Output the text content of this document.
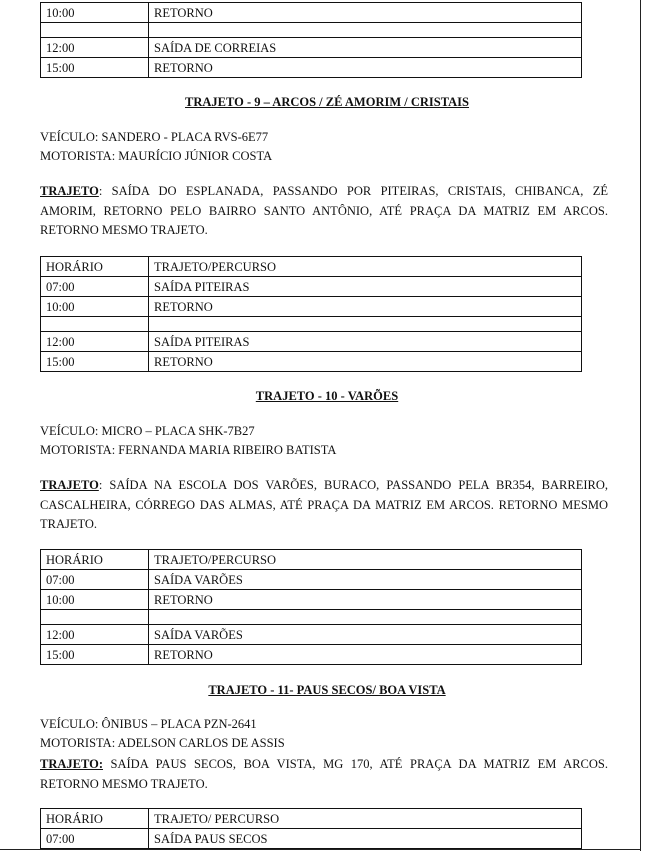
10:00	RETORNO

12:00	SAÍDA DE CORREIAS
15:00	RETORNO
TRAJETO - 9 – ARCOS / ZÉ AMORIM / CRISTAIS
VEÍCULO: SANDERO - PLACA RVS-6E77
MOTORISTA: MAURÍCIO JÚNIOR COSTA
TRAJETO: SAÍDA DO ESPLANADA, PASSANDO POR PITEIRAS, CRISTAIS, CHIBANCA, ZÉ AMORIM, RETORNO PELO BAIRRO SANTO ANTÔNIO, ATÉ PRAÇA DA MATRIZ EM ARCOS. RETORNO MESMO TRAJETO.
HORÁRIO	TRAJETO/PERCURSO
07:00	SAÍDA PITEIRAS
10:00	RETORNO

12:00	SAÍDA PITEIRAS
15:00	RETORNO
TRAJETO - 10 - VARÕES
VEÍCULO: MICRO – PLACA SHK-7B27
MOTORISTA: FERNANDA MARIA RIBEIRO BATISTA
TRAJETO: SAÍDA NA ESCOLA DOS VARÕES, BURACO, PASSANDO PELA BR354, BARREIRO, CASCALHEIRA, CÓRREGO DAS ALMAS, ATÉ PRAÇA DA MATRIZ EM ARCOS. RETORNO MESMO TRAJETO.
HORÁRIO	TRAJETO/PERCURSO
07:00	SAÍDA VARÕES
10:00	RETORNO

12:00	SAÍDA VARÕES
15:00	RETORNO
TRAJETO - 11- PAUS SECOS/ BOA VISTA
VEÍCULO: ÔNIBUS – PLACA PZN-2641
MOTORISTA: ADELSON CARLOS DE ASSIS
TRAJETO: SAÍDA PAUS SECOS, BOA VISTA, MG 170, ATÉ PRAÇA DA MATRIZ EM ARCOS. RETORNO MESMO TRAJETO.
HORÁRIO	TRAJETO/ PERCURSO
07:00	SAÍDA PAUS SECOS
